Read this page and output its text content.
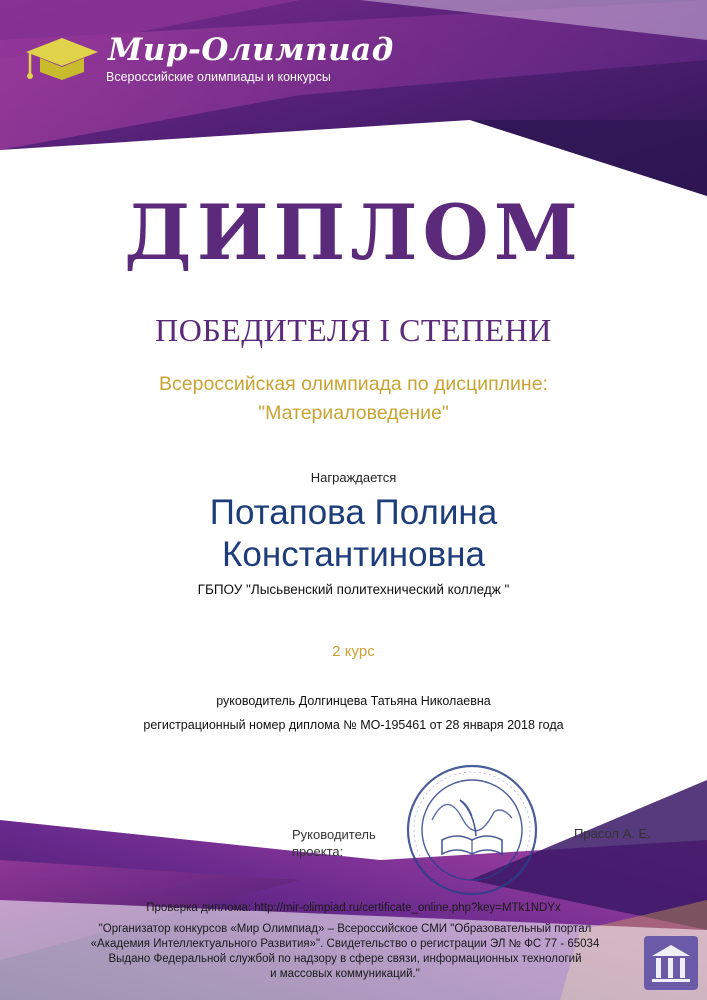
Мир-Олимпиад
Всероссийские олимпиады и конкурсы
ДИПЛОМ
ПОБЕДИТЕЛЯ I СТЕПЕНИ
Всероссийская олимпиада по дисциплине:
"Материаловедение"
Награждается
Потапова Полина
Константиновна
ГБПОУ "Лысьвенский политехнический колледж "
2 курс
руководитель Долгинцева Татьяна Николаевна
регистрационный номер диплома № МО-195461 от 28 января 2018 года
Руководитель
проекта:
Прасол А. Е.
Проверка диплома: http://mir-olimpiad.ru/certificate_online.php?key=MTk1NDYx
"Организатор конкурсов «Мир Олимпиад» – Всероссийское СМИ "Образовательный портал
«Академия Интеллектуального Развития»". Свидетельство о регистрации ЭЛ № ФС 77 - 65034
Выдано Федеральной службой по надзору в сфере связи, информационных технологий
и массовых коммуникаций."
